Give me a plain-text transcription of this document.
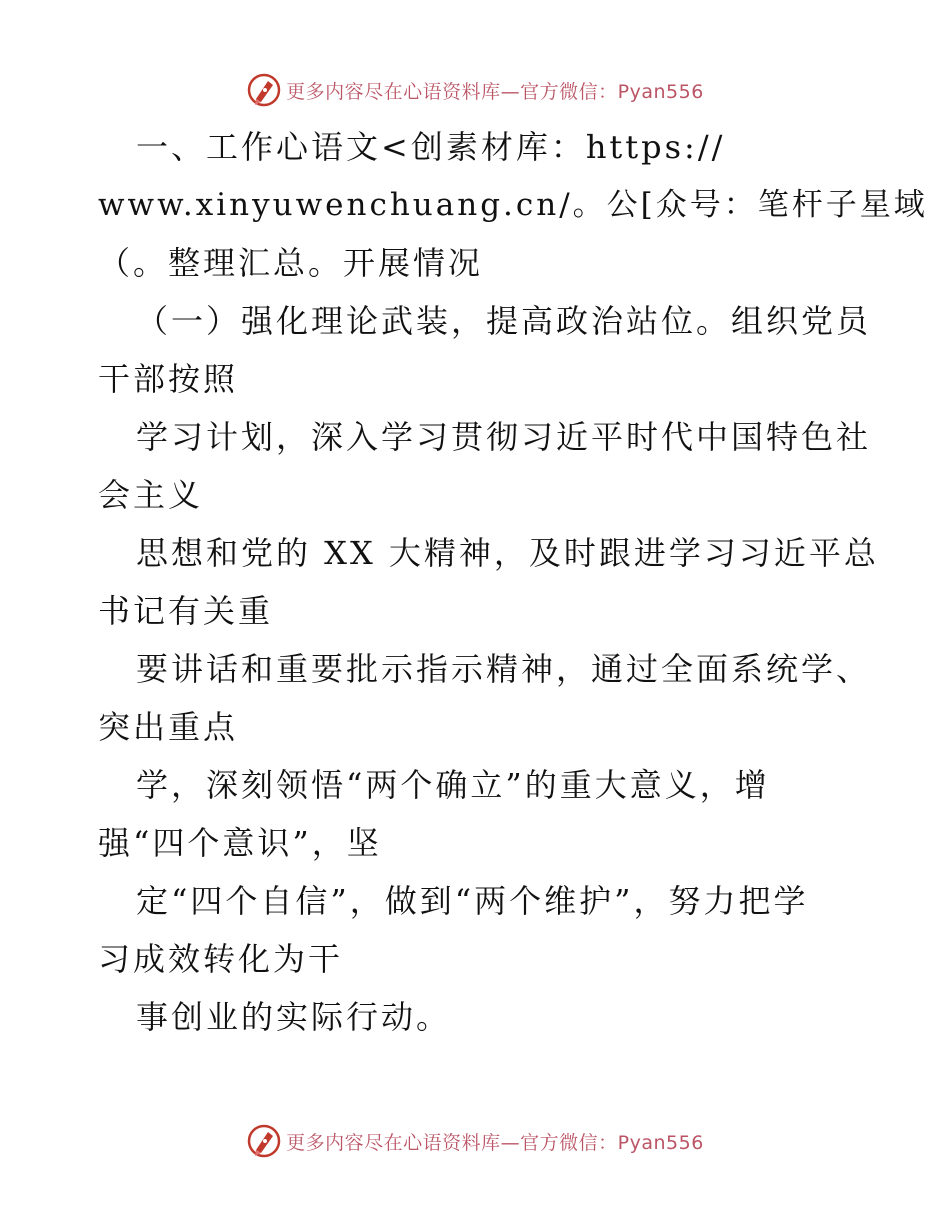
更多内容尽在心语资料库—官方微信：Pyan556
一、工作心语文<创素材库：https://
www.xinyuwenchuang.cn/。公[众号：笔杆子星域
（。整理汇总。开展情况
（一）强化理论武装，提高政治站位。组织党员
干部按照
学习计划，深入学习贯彻习近平时代中国特色社
会主义
思想和党的 XX 大精神，及时跟进学习习近平总
书记有关重
要讲话和重要批示指示精神，通过全面系统学、
突出重点
学，深刻领悟“两个确立”的重大意义，增
强“四个意识”，坚
定“四个自信”，做到“两个维护”，努力把学
习成效转化为干
事创业的实际行动。
更多内容尽在心语资料库—官方微信：Pyan556
